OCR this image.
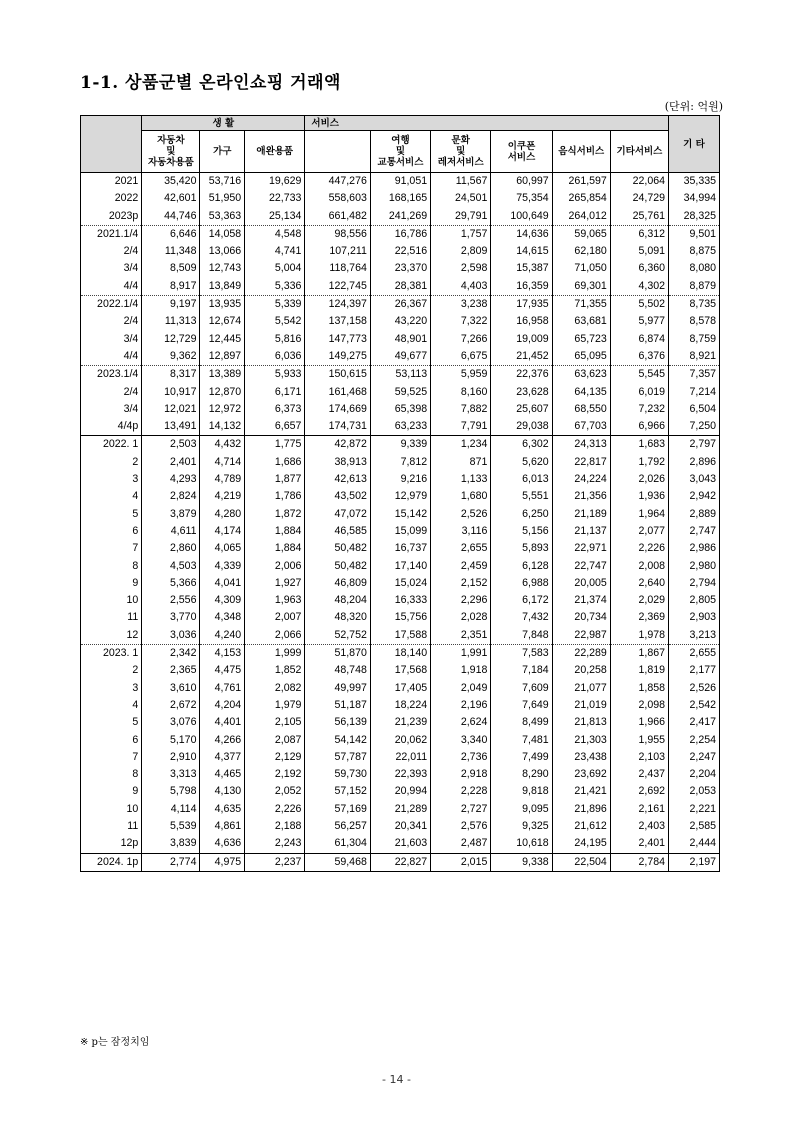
1-1. 상품군별 온라인쇼핑 거래액
(단위: 억원)
	생 활			서비스						기 타

	자동차
및
자동차용품	가구	애완용품		여행
및
교통서비스	문화
및
레저서비스	이쿠폰
서비스	음식서비스	기타서비스	
2021	35,420	53,716	19,629	447,276	91,051	11,567	60,997	261,597	22,064	35,335
2022	42,601	51,950	22,733	558,603	168,165	24,501	75,354	265,854	24,729	34,994
2023p	44,746	53,363	25,134	661,482	241,269	29,791	100,649	264,012	25,761	28,325
2021.1/4	6,646	14,058	4,548	98,556	16,786	1,757	14,636	59,065	6,312	9,501
2/4	11,348	13,066	4,741	107,211	22,516	2,809	14,615	62,180	5,091	8,875
3/4	8,509	12,743	5,004	118,764	23,370	2,598	15,387	71,050	6,360	8,080
4/4	8,917	13,849	5,336	122,745	28,381	4,403	16,359	69,301	4,302	8,879
2022.1/4	9,197	13,935	5,339	124,397	26,367	3,238	17,935	71,355	5,502	8,735
2/4	11,313	12,674	5,542	137,158	43,220	7,322	16,958	63,681	5,977	8,578
3/4	12,729	12,445	5,816	147,773	48,901	7,266	19,009	65,723	6,874	8,759
4/4	9,362	12,897	6,036	149,275	49,677	6,675	21,452	65,095	6,376	8,921
2023.1/4	8,317	13,389	5,933	150,615	53,113	5,959	22,376	63,623	5,545	7,357
2/4	10,917	12,870	6,171	161,468	59,525	8,160	23,628	64,135	6,019	7,214
3/4	12,021	12,972	6,373	174,669	65,398	7,882	25,607	68,550	7,232	6,504
4/4p	13,491	14,132	6,657	174,731	63,233	7,791	29,038	67,703	6,966	7,250
2022. 1	2,503	4,432	1,775	42,872	9,339	1,234	6,302	24,313	1,683	2,797
2	2,401	4,714	1,686	38,913	7,812	871	5,620	22,817	1,792	2,896
3	4,293	4,789	1,877	42,613	9,216	1,133	6,013	24,224	2,026	3,043
4	2,824	4,219	1,786	43,502	12,979	1,680	5,551	21,356	1,936	2,942
5	3,879	4,280	1,872	47,072	15,142	2,526	6,250	21,189	1,964	2,889
6	4,611	4,174	1,884	46,585	15,099	3,116	5,156	21,137	2,077	2,747
7	2,860	4,065	1,884	50,482	16,737	2,655	5,893	22,971	2,226	2,986
8	4,503	4,339	2,006	50,482	17,140	2,459	6,128	22,747	2,008	2,980
9	5,366	4,041	1,927	46,809	15,024	2,152	6,988	20,005	2,640	2,794
10	2,556	4,309	1,963	48,204	16,333	2,296	6,172	21,374	2,029	2,805
11	3,770	4,348	2,007	48,320	15,756	2,028	7,432	20,734	2,369	2,903
12	3,036	4,240	2,066	52,752	17,588	2,351	7,848	22,987	1,978	3,213
2023. 1	2,342	4,153	1,999	51,870	18,140	1,991	7,583	22,289	1,867	2,655
2	2,365	4,475	1,852	48,748	17,568	1,918	7,184	20,258	1,819	2,177
3	3,610	4,761	2,082	49,997	17,405	2,049	7,609	21,077	1,858	2,526
4	2,672	4,204	1,979	51,187	18,224	2,196	7,649	21,019	2,098	2,542
5	3,076	4,401	2,105	56,139	21,239	2,624	8,499	21,813	1,966	2,417
6	5,170	4,266	2,087	54,142	20,062	3,340	7,481	21,303	1,955	2,254
7	2,910	4,377	2,129	57,787	22,011	2,736	7,499	23,438	2,103	2,247
8	3,313	4,465	2,192	59,730	22,393	2,918	8,290	23,692	2,437	2,204
9	5,798	4,130	2,052	57,152	20,994	2,228	9,818	21,421	2,692	2,053
10	4,114	4,635	2,226	57,169	21,289	2,727	9,095	21,896	2,161	2,221
11	5,539	4,861	2,188	56,257	20,341	2,576	9,325	21,612	2,403	2,585
12p	3,839	4,636	2,243	61,304	21,603	2,487	10,618	24,195	2,401	2,444
2024. 1p	2,774	4,975	2,237	59,468	22,827	2,015	9,338	22,504	2,784	2,197
※ p는 잠정치임
- 14 -
